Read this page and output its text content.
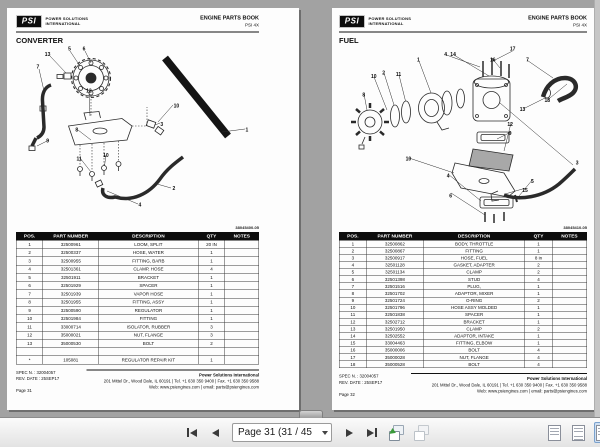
PSI POWER SOLUTIONS
INTERNATIONAL
ENGINE PARTS BOOK
PSI 4X
CONVERTER
38045400-05
13
5 6
7
12
10
3
8
9
11
10
2
4
1
POS.	PART NUMBER	DESCRIPTION	QTY	NOTES
1	32500961	LOOM, SPLIT	20 IN	
2	32500337	HOSE, WATER	1	
3	32500955	FITTING, BARB	1	
4	32501361	CLAMP, HOSE	4	
5	32501911	BRACKET	1	
6	32501929	SPACER	1	
7	32501939	VAPOR HOSE	1	
8	32501955	FITTING, ASSY	1	
9	32500590	REGULATOR	1	
10	32501984	FITTING	1	
11	33000714	ISOLATOR, RUBBER	3	
12	35000021	NUT, FLANGE	3	
13	35000530	BOLT	2	

*	105081	REGULATOR REPAIR KIT	1	
SPEC N. : 32004057
REV. DATE : 25SEP17
Page 31
Power Solutions International
201 Mittel Dr., Wood Dale, IL 60191 | Tel. +1 630 350 9400 | Fax. +1 630 350 9588
Web: www.psiengines.com | email: parts@psiengines.com
PSI POWER SOLUTIONS
INTERNATIONAL
ENGINE PARTS BOOK
PSI 4X
FUEL
38045410-05
8
10
2 11
1
4 14
16
17
7
18
13
12
9
10
4
6
3
5
15
POS.	PART NUMBER	DESCRIPTION	QTY	NOTES
1	32500862	BODY, THROTTLE	1	
2	32500867	FITTING	1	
3	32500917	HOSE, FUEL	8 in	
4	32501128	GASKET, ADAPTER	2	
5	32501134	CLAMP	2	
6	32501398	STUD	4	
7	32501516	PLUG,	1	
8	32501702	ADAPTOR, MIXER	1	
9	32501724	O-RING	2	
10	32501796	HOSE ASSY MOLDED	1	
11	32501838	SPACER	1	
12	32502712	BRACKET	1	
13	32501950	CLAMP	2	
14	32502552	ADAPTOR, INTAKE	1	
15	33004463	FITTING, ELBOW	1	
16	35000006	BOLT	4	
17	35000028	NUT, FLANGE	4	
18	35000528	BOLT	4	
SPEC N. : 32004057
REV. DATE : 25SEP17
Page 32
Power Solutions International
201 Mittel Dr., Wood Dale, IL 60191 | Tel. +1 630 350 9400 | Fax. +1 630 350 9588
Web: www.psiengines.com | email: parts@psiengines.com
Page 31 (31 / 45
